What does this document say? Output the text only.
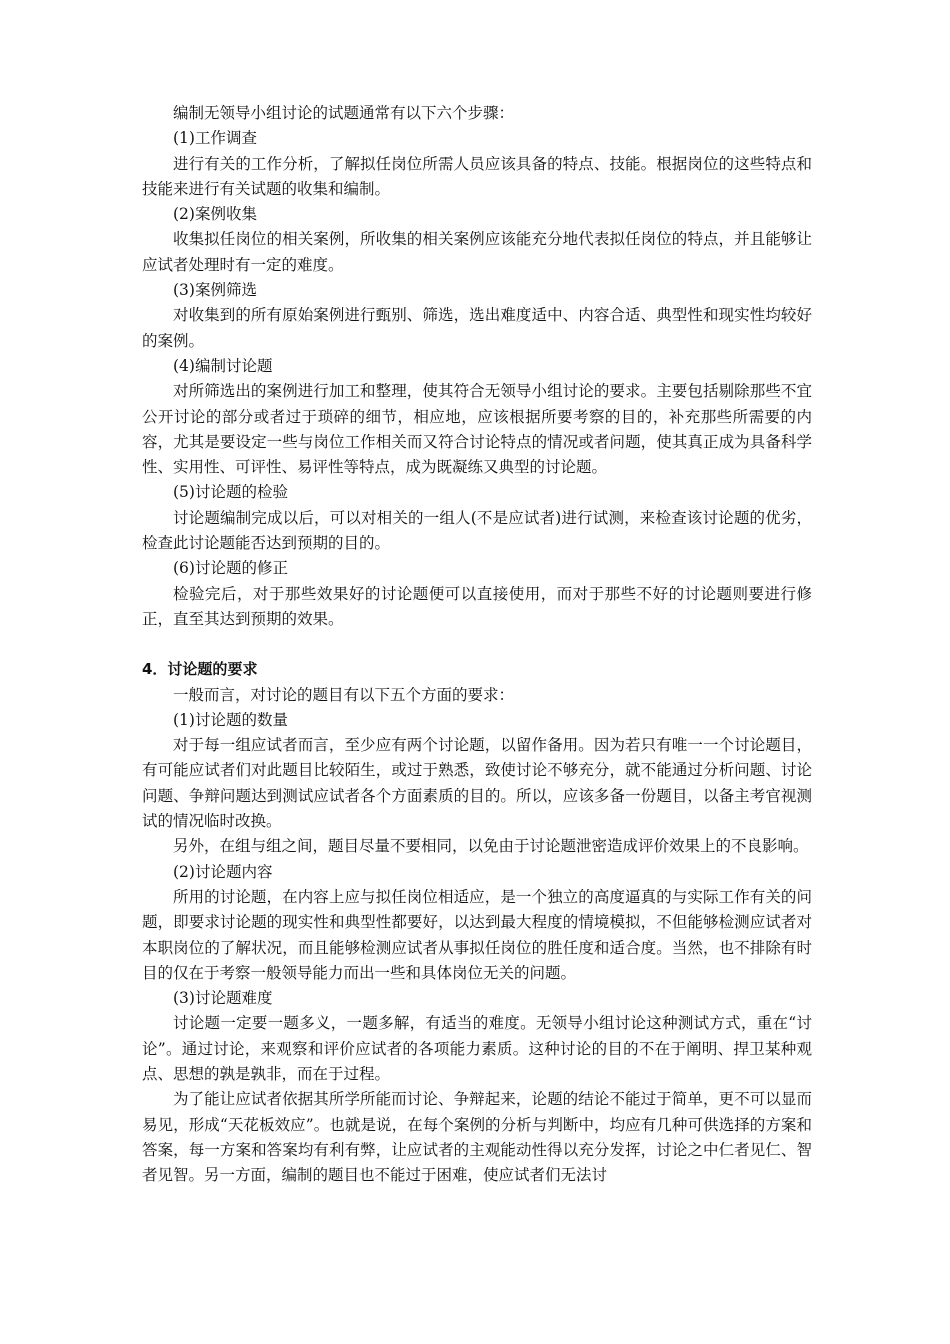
编制无领导小组讨论的试题通常有以下六个步骤：

(1)工作调查

进行有关的工作分析，了解拟任岗位所需人员应该具备的特点、技能。根据岗位的这些特点和技能来进行有关试题的收集和编制。

(2)案例收集

收集拟任岗位的相关案例，所收集的相关案例应该能充分地代表拟任岗位的特点，并且能够让应试者处理时有一定的难度。

(3)案例筛选

对收集到的所有原始案例进行甄别、筛选，选出难度适中、内容合适、典型性和现实性均较好的案例。

(4)编制讨论题

对所筛选出的案例进行加工和整理，使其符合无领导小组讨论的要求。主要包括剔除那些不宜公开讨论的部分或者过于琐碎的细节，相应地，应该根据所要考察的目的，补充那些所需要的内容，尤其是要设定一些与岗位工作相关而又符合讨论特点的情况或者问题，使其真正成为具备科学性、实用性、可评性、易评性等特点，成为既凝练又典型的讨论题。

(5)讨论题的检验

讨论题编制完成以后，可以对相关的一组人(不是应试者)进行试测，来检查该讨论题的优劣，检查此讨论题能否达到预期的目的。

(6)讨论题的修正

检验完后，对于那些效果好的讨论题便可以直接使用，而对于那些不好的讨论题则要进行修正，直至其达到预期的效果。

4．讨论题的要求

一般而言，对讨论的题目有以下五个方面的要求：

(1)讨论题的数量

对于每一组应试者而言，至少应有两个讨论题，以留作备用。因为若只有唯一一个讨论题目，有可能应试者们对此题目比较陌生，或过于熟悉，致使讨论不够充分，就不能通过分析问题、讨论问题、争辩问题达到测试应试者各个方面素质的目的。所以，应该多备一份题目，以备主考官视测试的情况临时改换。

另外，在组与组之间，题目尽量不要相同，以免由于讨论题泄密造成评价效果上的不良影响。

(2)讨论题内容

所用的讨论题，在内容上应与拟任岗位相适应，是一个独立的高度逼真的与实际工作有关的问题，即要求讨论题的现实性和典型性都要好，以达到最大程度的情境模拟，不但能够检测应试者对本职岗位的了解状况，而且能够检测应试者从事拟任岗位的胜任度和适合度。当然，也不排除有时目的仅在于考察一般领导能力而出一些和具体岗位无关的问题。

(3)讨论题难度

讨论题一定要一题多义，一题多解，有适当的难度。无领导小组讨论这种测试方式，重在“讨论”。通过讨论，来观察和评价应试者的各项能力素质。这种讨论的目的不在于阐明、捍卫某种观点、思想的孰是孰非，而在于过程。

为了能让应试者依据其所学所能而讨论、争辩起来，论题的结论不能过于简单，更不可以显而易见，形成“天花板效应”。也就是说，在每个案例的分析与判断中，均应有几种可供选择的方案和答案，每一方案和答案均有利有弊，让应试者的主观能动性得以充分发挥，讨论之中仁者见仁、智者见智。另一方面，编制的题目也不能过于困难，使应试者们无法讨
